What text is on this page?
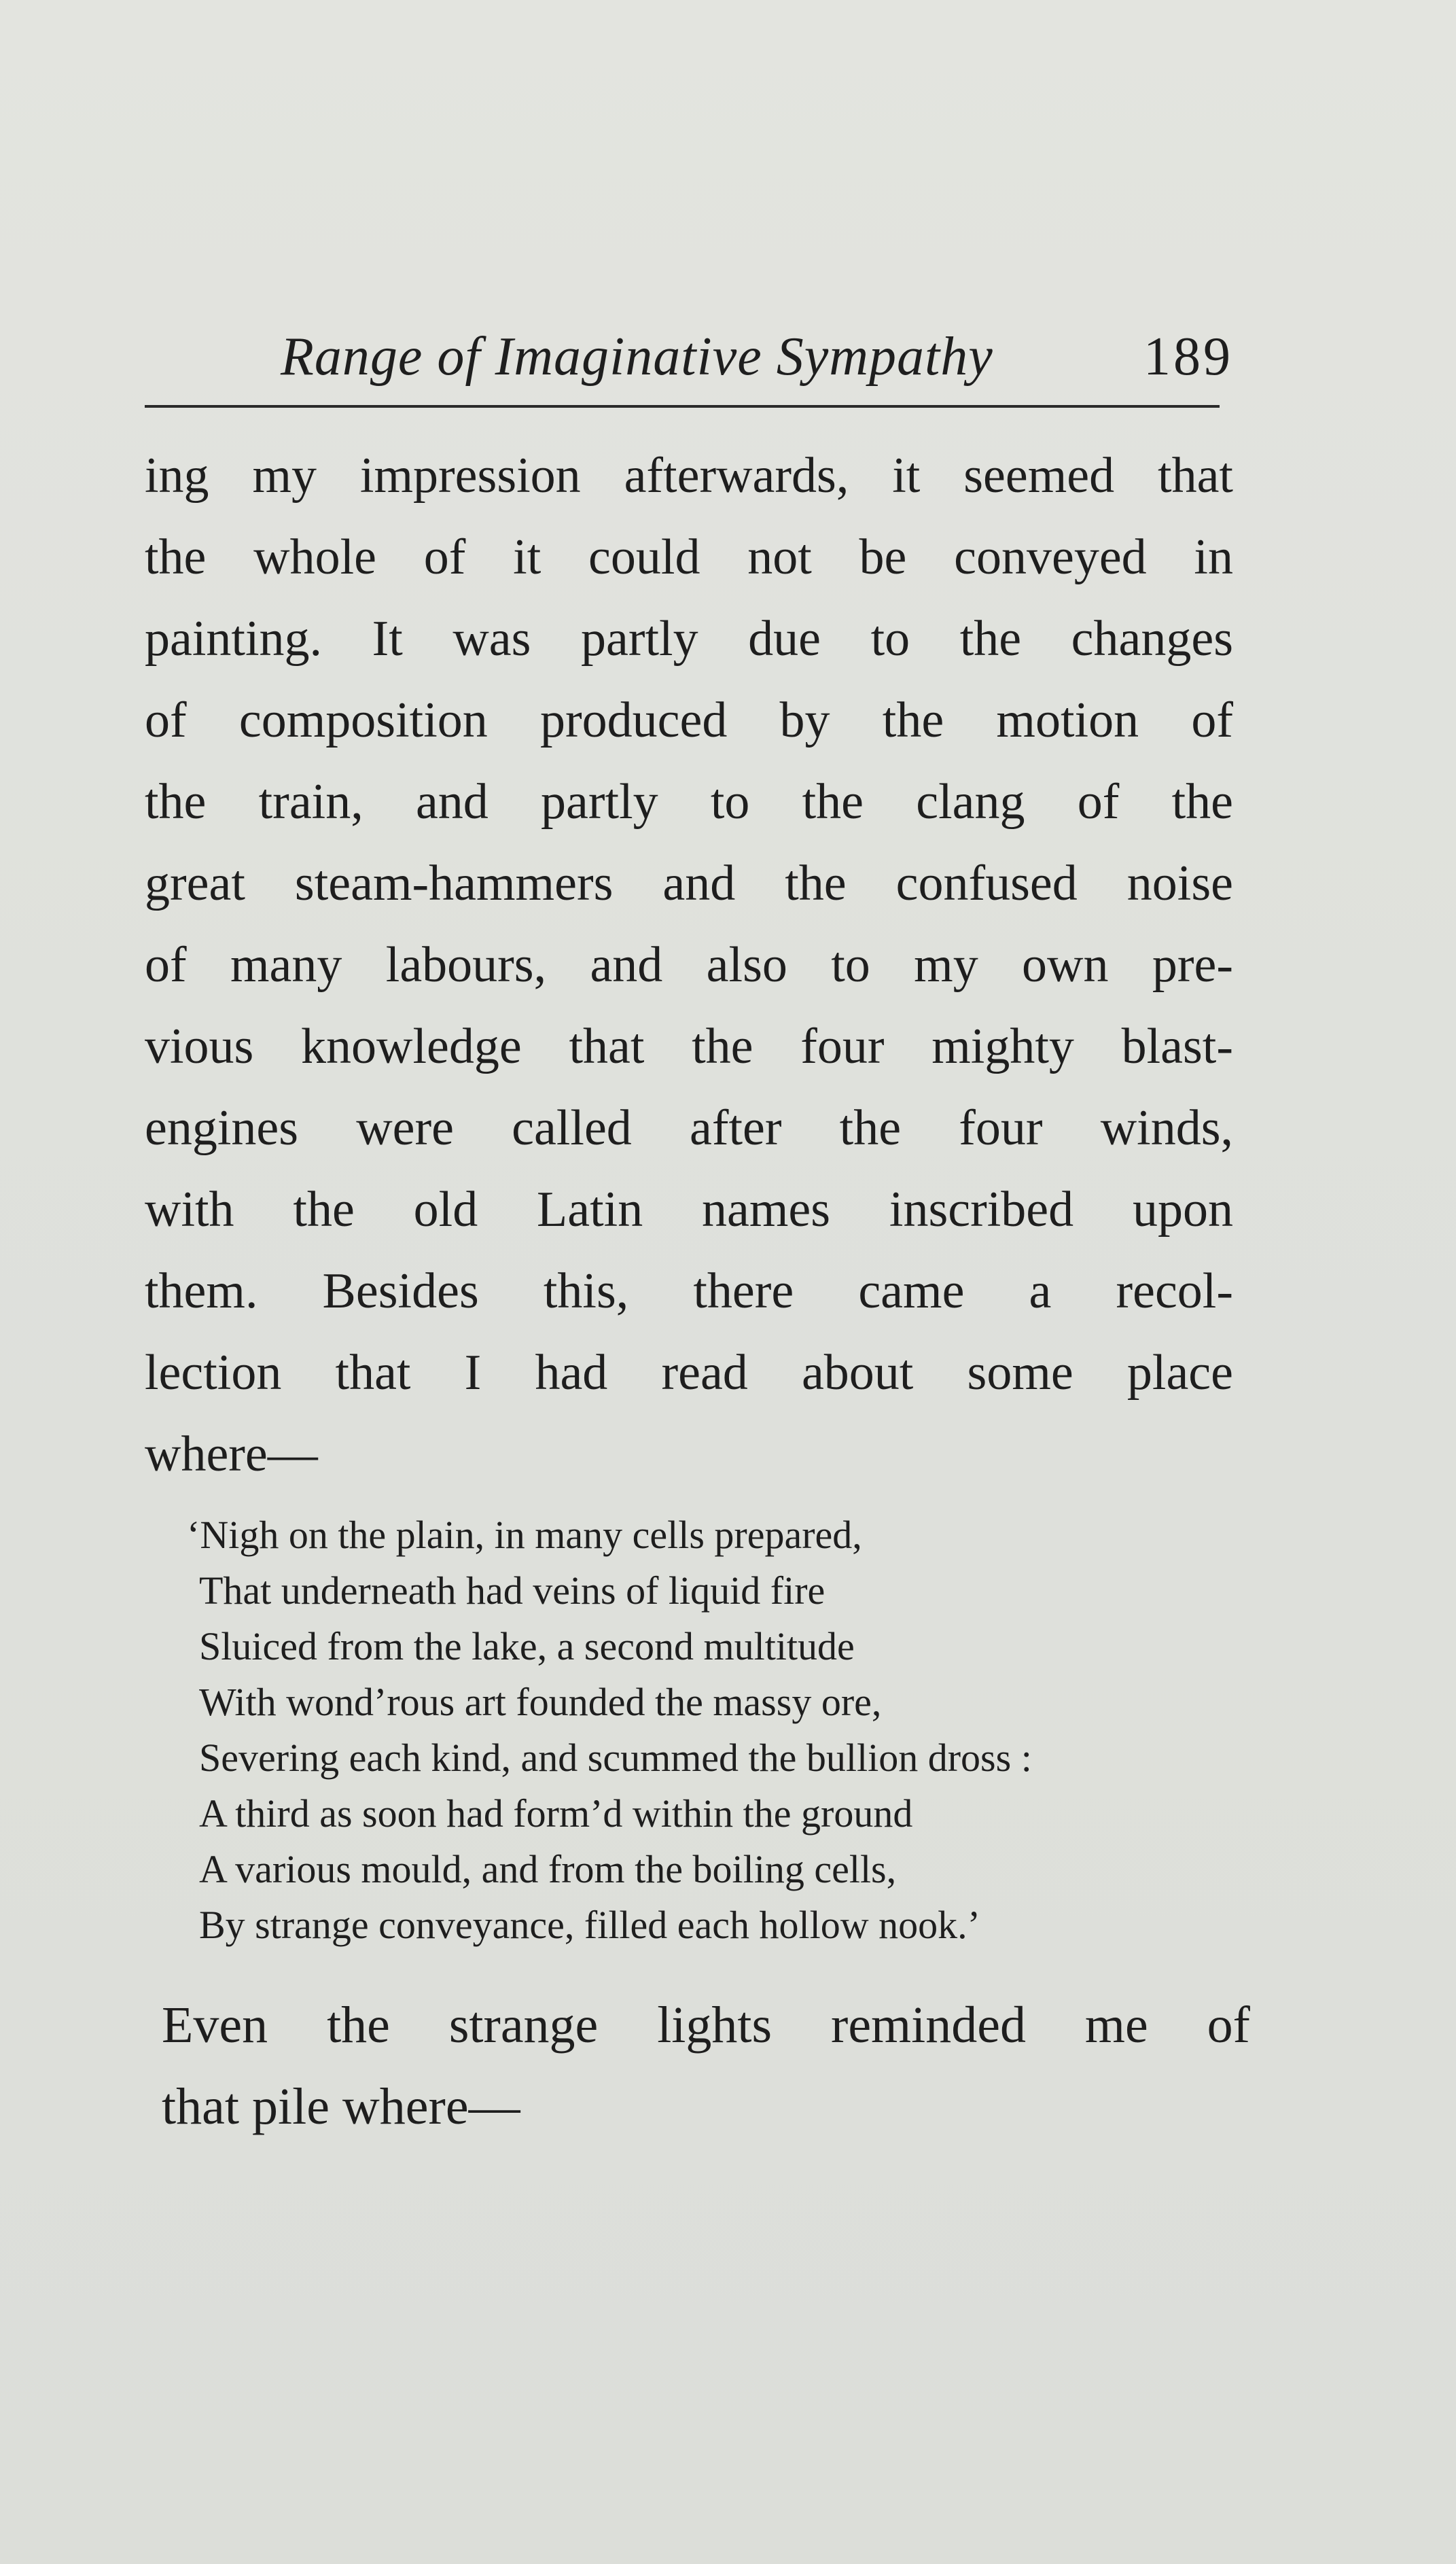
Range of Imaginative Sympathy	189
ing my impression afterwards, it seemed that
the whole of it could not be conveyed in
painting. It was partly due to the changes
of composition produced by the motion of
the train, and partly to the clang of the
great steam-hammers and the confused noise
of many labours, and also to my own pre-
vious knowledge that the four mighty blast-
engines were called after the four winds,
with the old Latin names inscribed upon
them. Besides this, there came a recol-
lection that I had read about some place
where—
‘Nigh on the plain, in many cells prepared,
That underneath had veins of liquid fire
Sluiced from the lake, a second multitude
With wond’rous art founded the massy ore,
Severing each kind, and scummed the bullion dross :
A third as soon had form’d within the ground
A various mould, and from the boiling cells,
By strange conveyance, filled each hollow nook.’
Even the strange lights reminded me of
that pile where—
